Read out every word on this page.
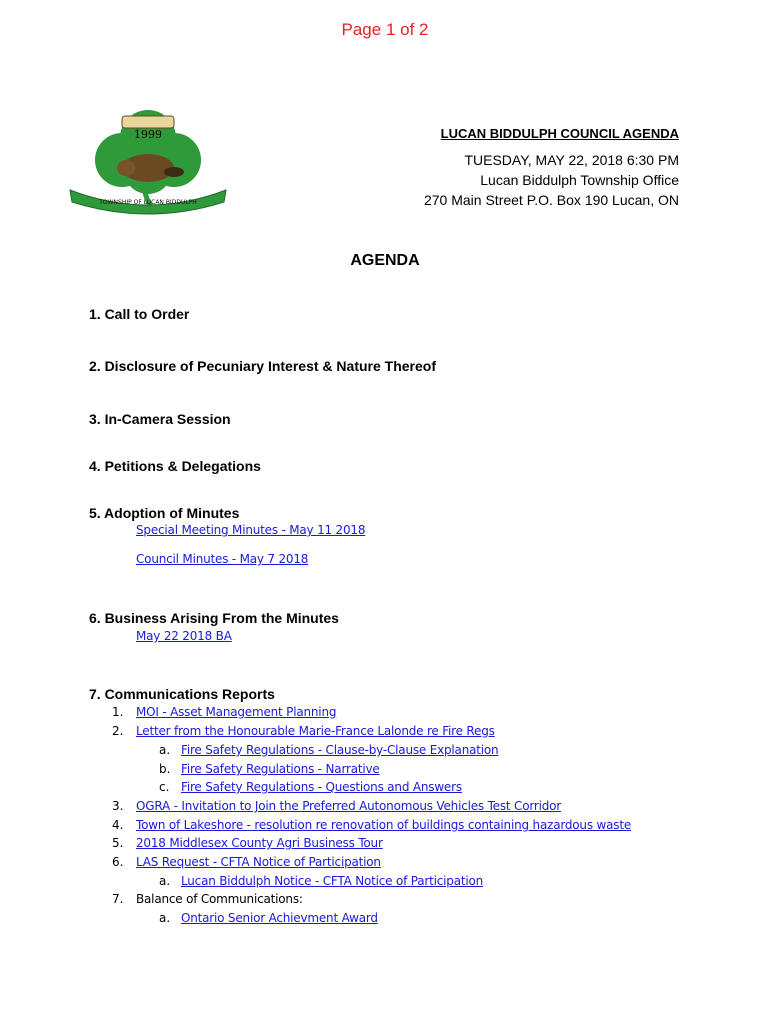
Page 1 of 2
1999
TOWNSHIP OF LUCAN BIDDULPH
LUCAN BIDDULPH COUNCIL AGENDA
TUESDAY, MAY 22, 2018 6:30 PM
Lucan Biddulph Township Office
270 Main Street P.O. Box 190 Lucan, ON
AGENDA
1. Call to Order
2. Disclosure of Pecuniary Interest & Nature Thereof
3. In-Camera Session
4. Petitions & Delegations
5. Adoption of Minutes
Special Meeting Minutes - May 11 2018
Council Minutes - May 7 2018
6. Business Arising From the Minutes
May 22 2018 BA
7. Communications Reports
1. MOI - Asset Management Planning
2. Letter from the Honourable Marie-France Lalonde re Fire Regs
a. Fire Safety Regulations - Clause-by-Clause Explanation
b. Fire Safety Regulations - Narrative
c. Fire Safety Regulations - Questions and Answers
3. OGRA - Invitation to Join the Preferred Autonomous Vehicles Test Corridor
4. Town of Lakeshore - resolution re renovation of buildings containing hazardous waste
5. 2018 Middlesex County Agri Business Tour
6. LAS Request - CFTA Notice of Participation
a. Lucan Biddulph Notice - CFTA Notice of Participation
7. Balance of Communications:
a. Ontario Senior Achievment Award
